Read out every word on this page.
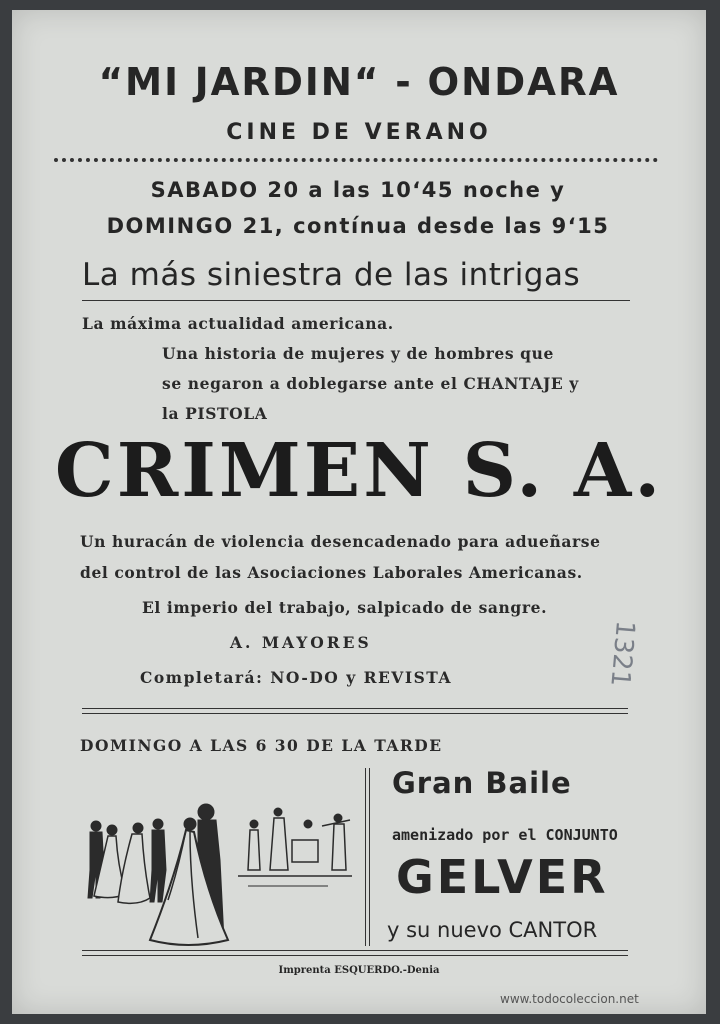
“MI JARDIN“ - ONDARA
CINE DE VERANO
SABADO 20 a las 10‘45 noche y
DOMINGO 21, contínua desde las 9‘15
La más siniestra de las intrigas
La máxima actualidad americana.
Una historia de mujeres y de hombres que
se negaron a doblegarse ante el CHANTAJE y
la PISTOLA
CRIMEN S. A.
Un huracán de violencia desencadenado para adueñarse
del control de las Asociaciones Laborales Americanas.
El imperio del trabajo, salpicado de sangre.
A. MAYORES
Completará: NO-DO y REVISTA
DOMINGO A LAS 6 30 DE LA TARDE
Gran Baile
amenizado por el CONJUNTO
GELVER
y su nuevo CANTOR
Imprenta ESQUERDO.-Denia
1321
www.todocoleccion.net
